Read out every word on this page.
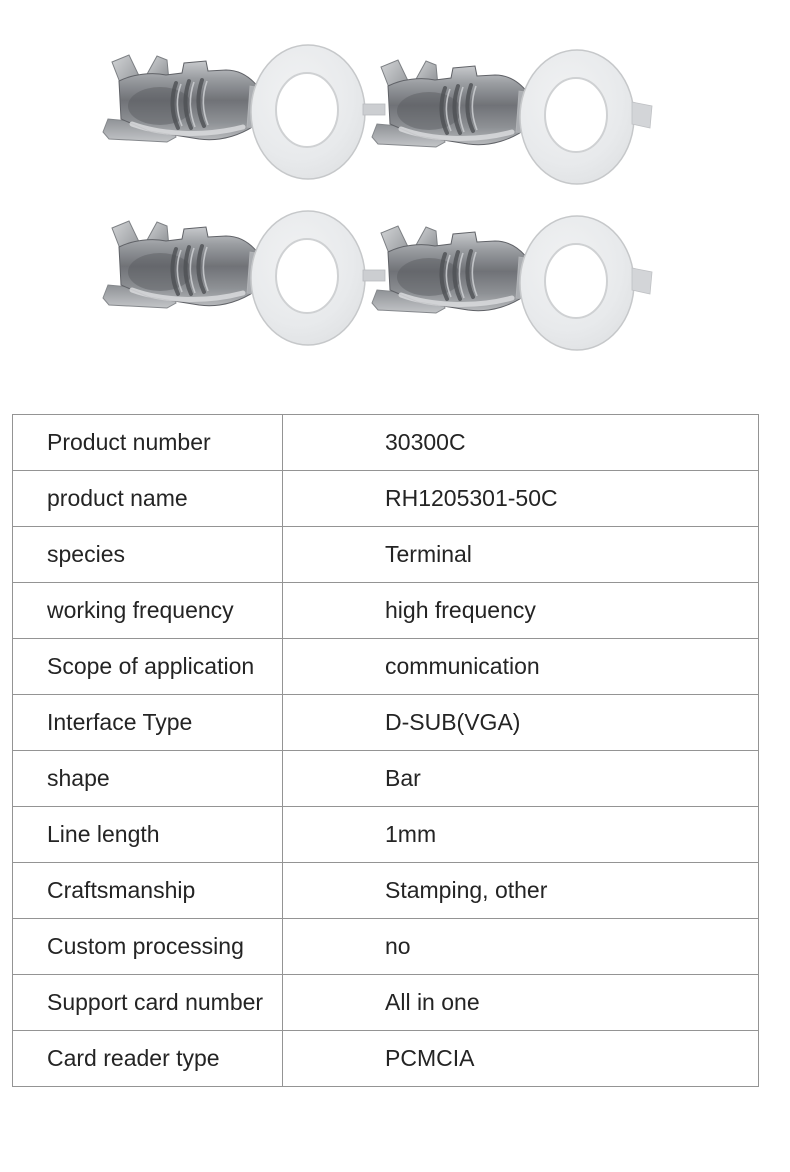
Product number	30300C
product name	RH1205301-50C
species	Terminal
working frequency	high frequency
Scope of application	communication
Interface Type	D-SUB(VGA)
shape	Bar
Line length	1mm
Craftsmanship	Stamping, other
Custom processing	no
Support card number	All in one
Card reader type	PCMCIA
